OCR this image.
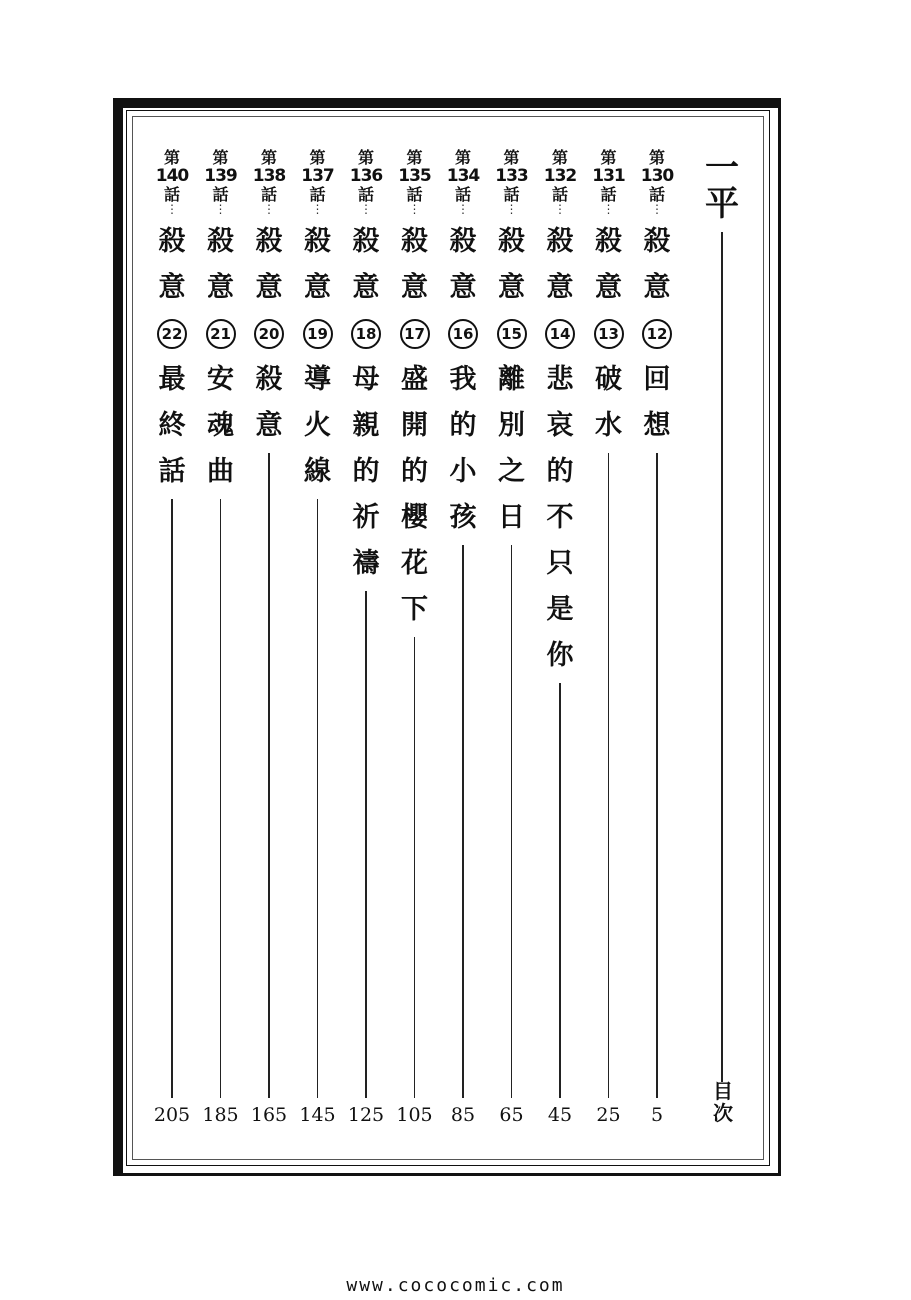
一
平
目
次
第
130
話
⋮
殺
意
12
回
想
5
第
131
話
⋮
殺
意
13
破
水
25
第
132
話
⋮
殺
意
14
悲
哀
的
不
只
是
你
45
第
133
話
⋮
殺
意
15
離
別
之
日
65
第
134
話
⋮
殺
意
16
我
的
小
孩
85
第
135
話
⋮
殺
意
17
盛
開
的
櫻
花
下
105
第
136
話
⋮
殺
意
18
母
親
的
祈
禱
125
第
137
話
⋮
殺
意
19
導
火
線
145
第
138
話
⋮
殺
意
20
殺
意
165
第
139
話
⋮
殺
意
21
安
魂
曲
185
第
140
話
⋮
殺
意
22
最
終
話
205
www.cococomic.com
